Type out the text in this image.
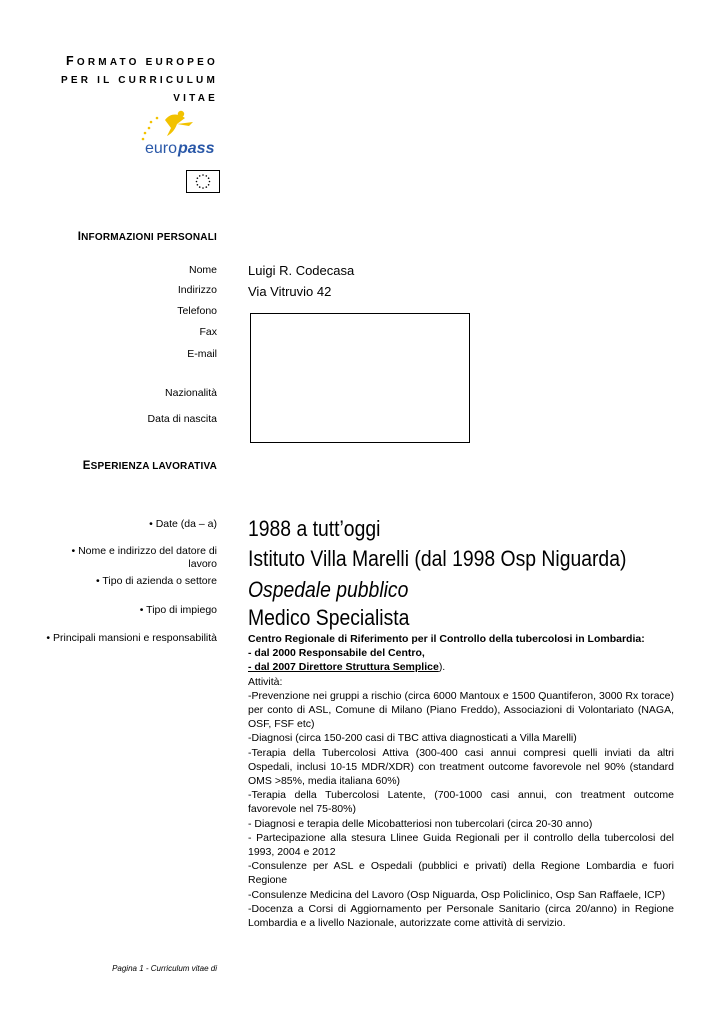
FORMATO EUROPEO
PER IL CURRICULUM
VITAE
euro pass
INFORMAZIONI PERSONALI
Nome
Indirizzo
Telefono
Fax
E-mail
Nazionalità
Data di nascita
Luigi R. Codecasa
Via Vitruvio 42
ESPERIENZA LAVORATIVA
• Date (da – a)
• Nome e indirizzo del datore di lavoro
• Tipo di azienda o settore
• Tipo di impiego
• Principali mansioni e responsabilità
1988 a tutt’oggi
Istituto Villa Marelli (dal 1998 Osp Niguarda)
Ospedale pubblico
Medico Specialista

Centro Regionale di Riferimento per il Controllo della tubercolosi in Lombardia:

- dal 2000 Responsabile del Centro,

- dal 2007 Direttore Struttura Semplice).

Attività:

-Prevenzione nei gruppi a rischio (circa 6000 Mantoux e 1500 Quantiferon, 3000 Rx torace) per conto di ASL, Comune di Milano (Piano Freddo), Associazioni di Volontariato (NAGA, OSF, FSF etc)

-Diagnosi (circa 150-200 casi di TBC attiva diagnosticati a Villa Marelli)

-Terapia della Tubercolosi Attiva (300-400 casi annui compresi quelli inviati da altri Ospedali, inclusi 10-15 MDR/XDR) con treatment outcome favorevole nel 90% (standard OMS >85%, media italiana 60%)

-Terapia della Tubercolosi Latente, (700-1000 casi annui, con treatment outcome favorevole nel 75-80%)

- Diagnosi e terapia delle Micobatteriosi non tubercolari (circa 20-30 anno)

- Partecipazione alla stesura Llinee Guida Regionali per il controllo della tubercolosi del 1993, 2004 e 2012

-Consulenze per ASL e Ospedali (pubblici e privati) della Regione Lombardia e fuori Regione

-Consulenze Medicina del Lavoro (Osp Niguarda, Osp Policlinico, Osp San Raffaele, ICP)

-Docenza a Corsi di Aggiornamento per Personale Sanitario (circa 20/anno) in Regione Lombardia e a livello Nazionale, autorizzate come attività di servizio.

Pagina 1 - Curriculum vitae di
